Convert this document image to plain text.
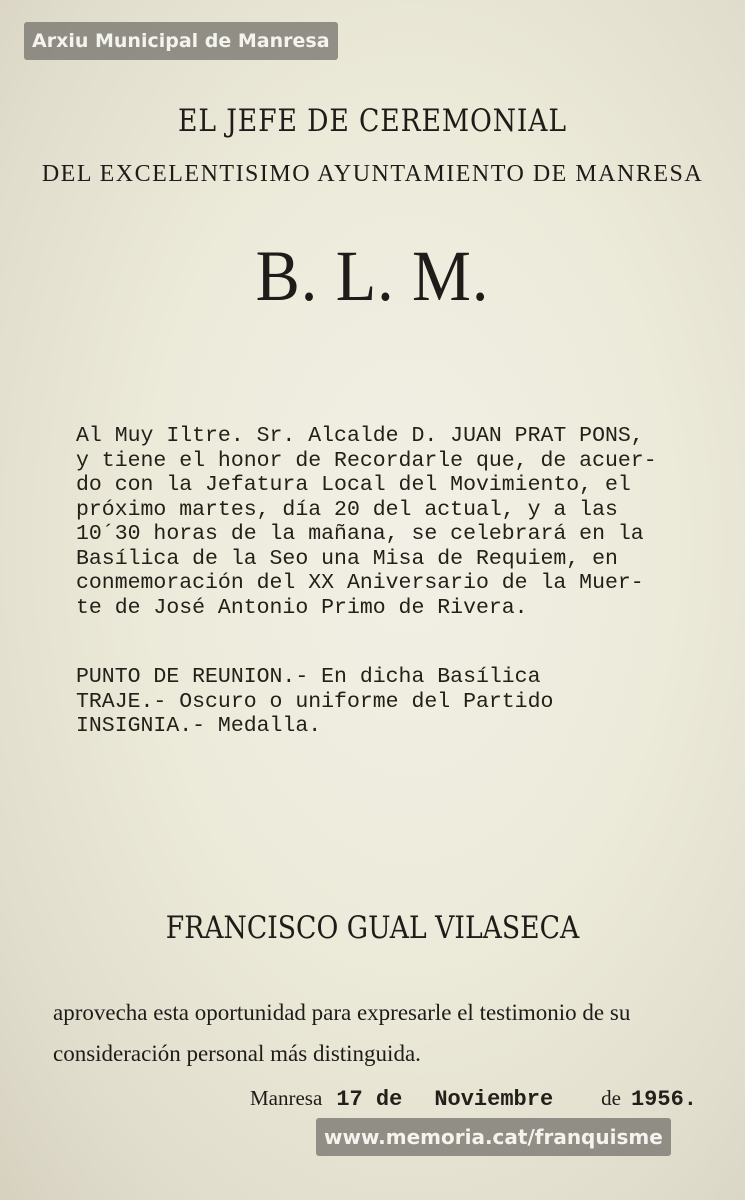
Arxiu Municipal de Manresa
EL JEFE DE CEREMONIAL
DEL EXCELENTISIMO AYUNTAMIENTO DE MANRESA
B. L. M.
Al Muy Iltre. Sr. Alcalde D. JUAN PRAT PONS,
y tiene el honor de Recordarle que, de acuer-
do con la Jefatura Local del Movimiento, el
próximo martes, día 20 del actual, y a las
10´30 horas de la mañana, se celebrará en la
Basílica de la Seo una Misa de Requiem, en
conmemoración del XX Aniversario de la Muer-
te de José Antonio Primo de Rivera.
PUNTO DE REUNION.- En dicha Basílica
TRAJE.- Oscuro o uniforme del Partido
INSIGNIA.- Medalla.
FRANCISCO GUAL VILASECA
aprovecha esta oportunidad para expresarle el testimonio de su
consideración personal más distinguida.
Manresa 17 de Noviembre de 1956.
www.memoria.cat/franquisme
